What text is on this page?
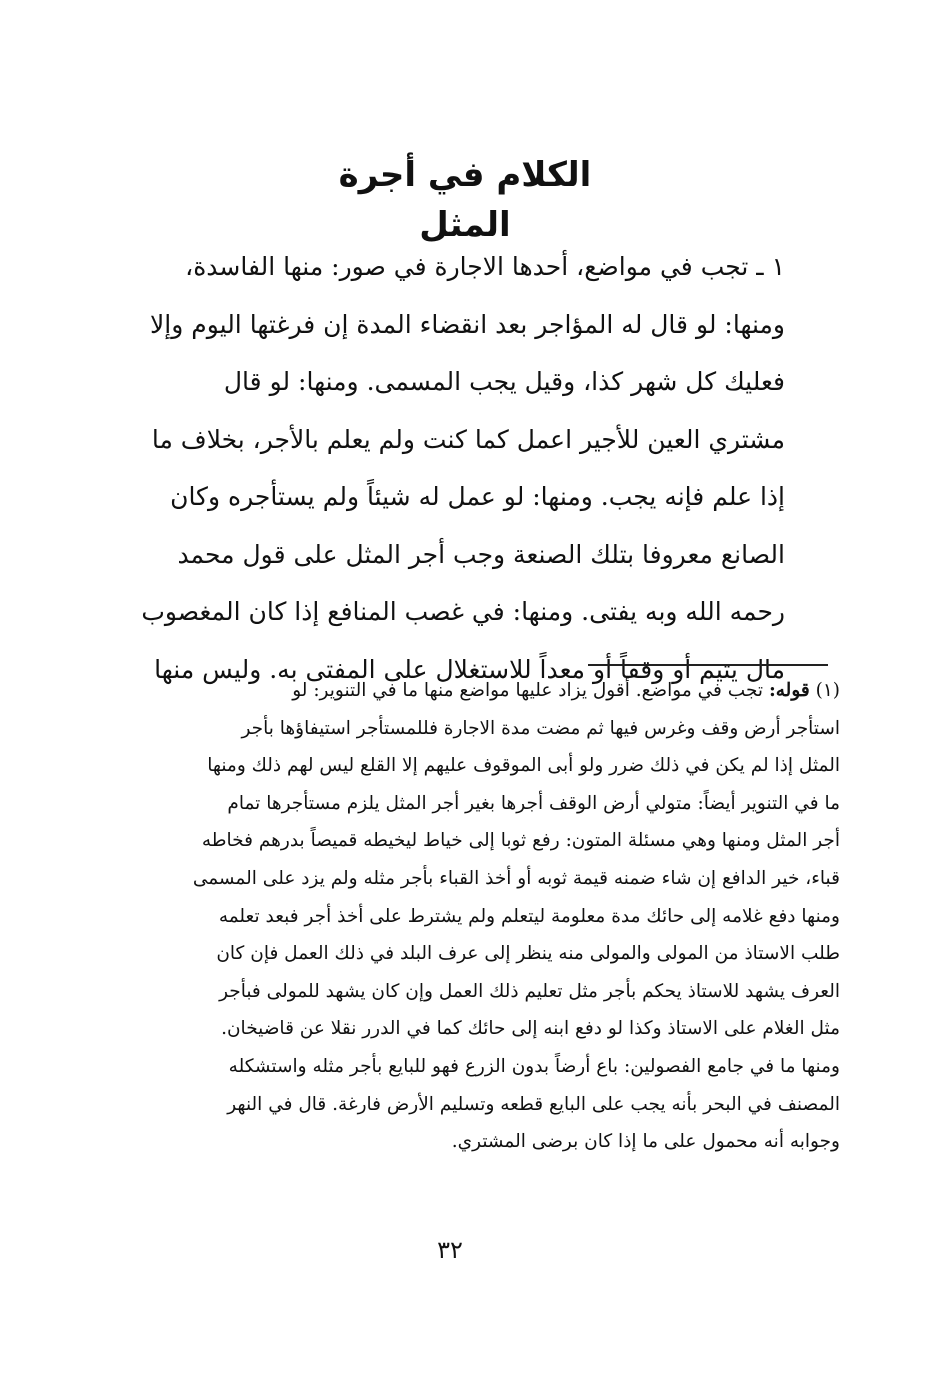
الكلام في أجرة المثل
١ ـ تجب في مواضع، أحدها الاجارة في صور: منها الفاسدة،
ومنها: لو قال له المؤاجر بعد انقضاء المدة إن فرغتها اليوم وإلا
فعليك كل شهر كذا، وقيل يجب المسمى. ومنها: لو قال
مشتري العين للأجير اعمل كما كنت ولم يعلم بالأجر، بخلاف ما
إذا علم فإنه يجب. ومنها: لو عمل له شيئاً ولم يستأجره وكان
الصانع معروفا بتلك الصنعة وجب أجر المثل على قول محمد
رحمه الله وبه يفتى. ومنها: في غصب المنافع إذا كان المغصوب
مال يتيم أو وقفاً أو معداً للاستغلال على المفتى به. وليس منها
(١) قوله: تجب في مواضع. أقول يزاد عليها مواضع منها ما في التنوير: لو
استأجر أرض وقف وغرس فيها ثم مضت مدة الاجارة فللمستأجر استيفاؤها بأجر
المثل إذا لم يكن في ذلك ضرر ولو أبى الموقوف عليهم إلا القلع ليس لهم ذلك ومنها
ما في التنوير أيضاً: متولي أرض الوقف أجرها بغير أجر المثل يلزم مستأجرها تمام
أجر المثل ومنها وهي مسئلة المتون: رفع ثوبا إلى خياط ليخيطه قميصاً بدرهم فخاطه
قباء، خير الدافع إن شاء ضمنه قيمة ثوبه أو أخذ القباء بأجر مثله ولم يزد على المسمى
ومنها دفع غلامه إلى حائك مدة معلومة ليتعلم ولم يشترط على أخذ أجر فبعد تعلمه
طلب الاستاذ من المولى والمولى منه ينظر إلى عرف البلد في ذلك العمل فإن كان
العرف يشهد للاستاذ يحكم بأجر مثل تعليم ذلك العمل وإن كان يشهد للمولى فبأجر
مثل الغلام على الاستاذ وكذا لو دفع ابنه إلى حائك كما في الدرر نقلا عن قاضيخان.
ومنها ما في جامع الفصولين: باع أرضاً بدون الزرع فهو للبايع بأجر مثله واستشكله
المصنف في البحر بأنه يجب على البايع قطعه وتسليم الأرض فارغة. قال في النهر
وجوابه أنه محمول على ما إذا كان برضى المشتري.
٣٢
